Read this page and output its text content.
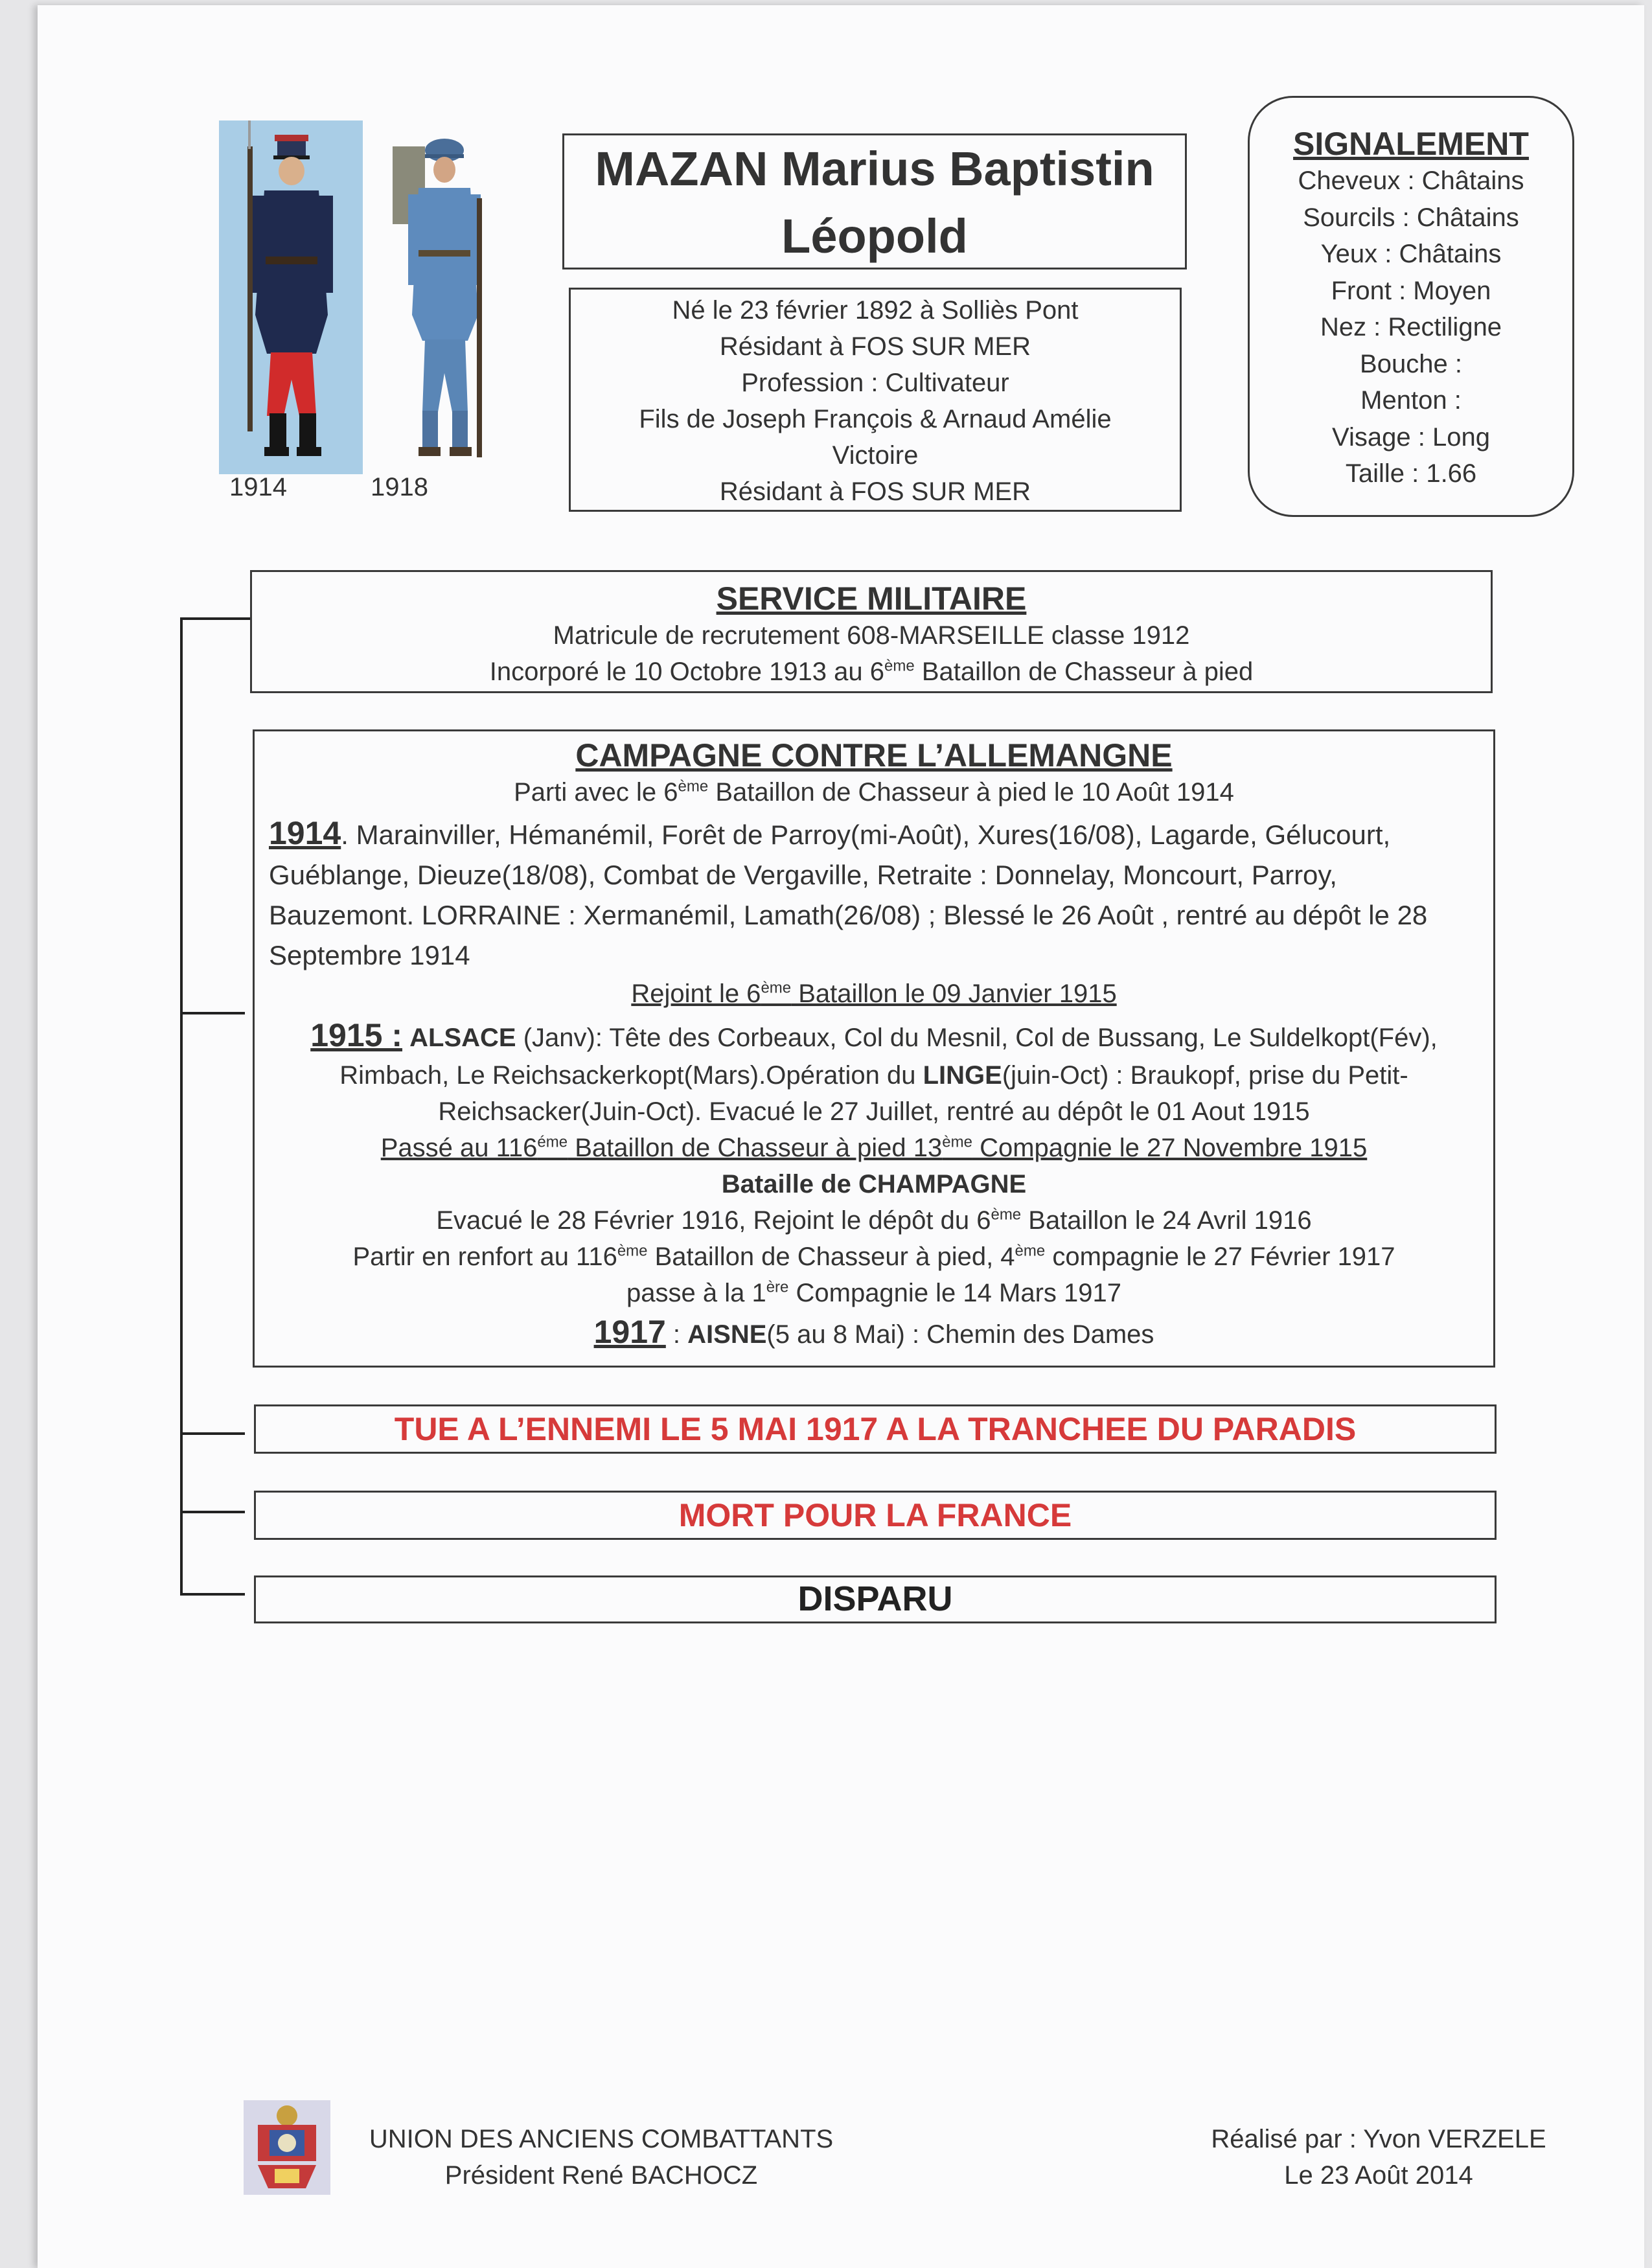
1914	1918
MAZAN Marius Baptistin
Léopold
Né le 23 février 1892 à Solliès Pont
Résidant à FOS SUR MER
Profession : Cultivateur
Fils de Joseph François & Arnaud Amélie
Victoire
Résidant à FOS SUR MER
SIGNALEMENT
Cheveux : Châtains
Sourcils : Châtains
Yeux : Châtains
Front : Moyen
Nez : Rectiligne
Bouche :
Menton :
Visage : Long
Taille : 1.66
SERVICE MILITAIRE
Matricule de recrutement 608-MARSEILLE classe 1912
Incorporé le 10 Octobre 1913 au 6ème Bataillon de Chasseur à pied
CAMPAGNE CONTRE L’ALLEMANGNE
Parti avec le 6ème Bataillon de Chasseur à pied le 10 Août 1914
1914. Marainviller, Hémanémil, Forêt de Parroy(mi-Août), Xures(16/08), Lagarde, Gélucourt, Guéblange, Dieuze(18/08), Combat de Vergaville, Retraite : Donnelay, Moncourt, Parroy, Bauzemont. LORRAINE : Xermanémil, Lamath(26/08) ; Blessé le 26 Août , rentré au dépôt le 28 Septembre 1914
Rejoint le 6ème Bataillon le 09 Janvier 1915
1915 : ALSACE (Janv): Tête des Corbeaux, Col du Mesnil, Col de Bussang, Le Suldelkopt(Fév),
Rimbach, Le Reichsackerkopt(Mars).Opération du LINGE(juin-Oct) : Braukopf, prise du Petit-
Reichsacker(Juin-Oct). Evacué le 27 Juillet, rentré au dépôt le 01 Aout 1915
Passé au $116^{éme}$ Bataillon de Chasseur à pied 13ème Compagnie le 27 Novembre 1915
Bataille de CHAMPAGNE
Evacué le 28 Février 1916, Rejoint le dépôt du 6ème Bataillon le 24 Avril 1916
Partir en renfort au 116ème Bataillon de Chasseur à pied, 4ème compagnie le 27 Février 1917
passe à la 1ère Compagnie le 14 Mars 1917
1917 : AISNE(5 au 8 Mai) : Chemin des Dames
TUE A L’ENNEMI LE 5 MAI 1917 A LA TRANCHEE DU PARADIS
MORT POUR LA FRANCE
DISPARU
UNION DES ANCIENS COMBATTANTS
Président René BACHOCZ
Réalisé par : Yvon VERZELE
Le 23 Août 2014
